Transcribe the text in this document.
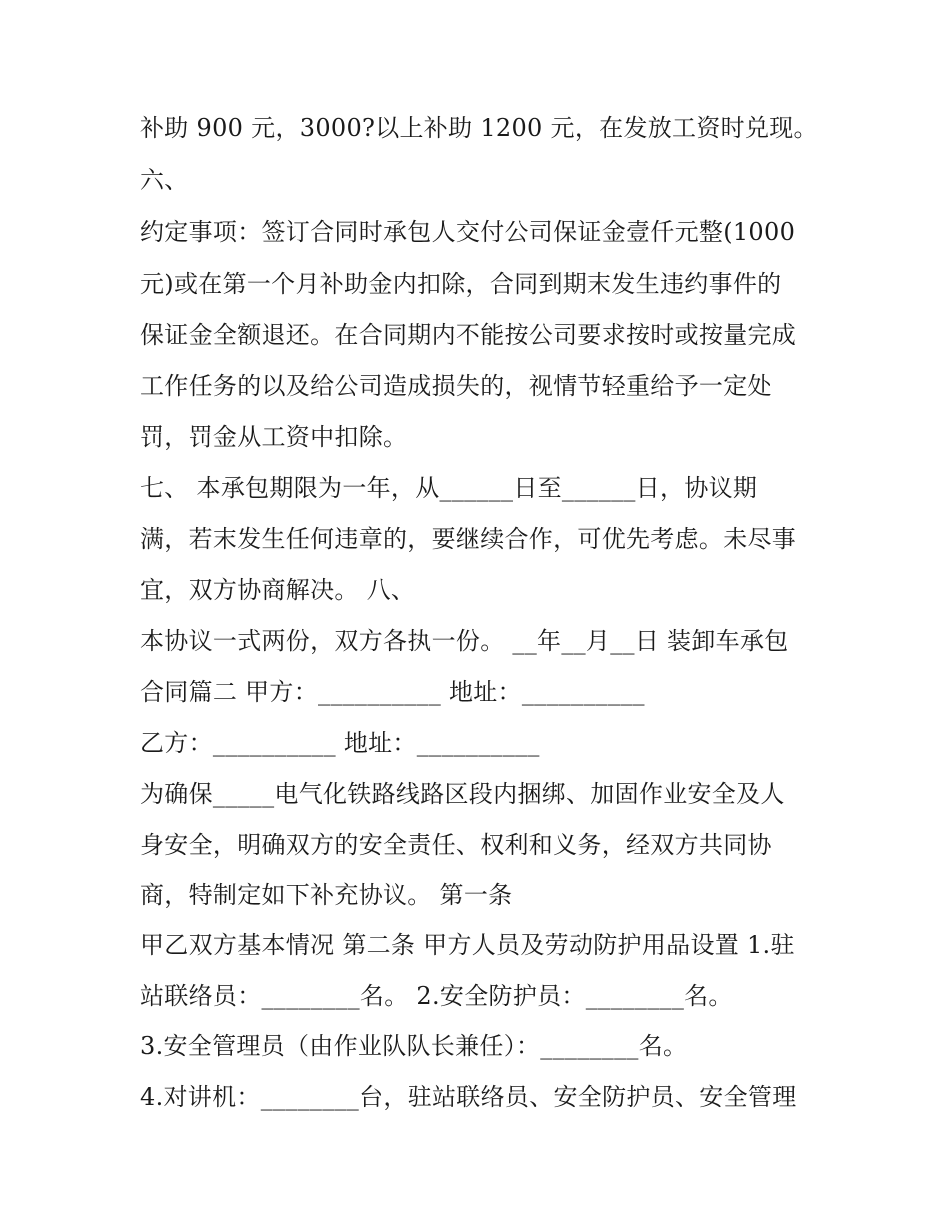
补助 900 元，3000?以上补助 1200 元，在发放工资时兑现。
六、
约定事项：签订合同时承包人交付公司保证金壹仟元整(1000
元)或在第一个月补助金内扣除，合同到期末发生违约事件的
保证金全额退还。在合同期内不能按公司要求按时或按量完成
工作任务的以及给公司造成损失的，视情节轻重给予一定处
罚，罚金从工资中扣除。
七、 本承包期限为一年，从______日至______日，协议期
满，若末发生任何违章的，要继续合作，可优先考虑。未尽事
宜，双方协商解决。 八、
本协议一式两份，双方各执一份。 __年__月__日 装卸车承包
合同篇二 甲方：__________ 地址：__________
乙方：__________ 地址：__________
为确保_____电气化铁路线路区段内捆绑、加固作业安全及人
身安全，明确双方的安全责任、权利和义务，经双方共同协
商，特制定如下补充协议。 第一条
甲乙双方基本情况 第二条 甲方人员及劳动防护用品设置 1.驻
站联络员：________名。 2.安全防护员：________名。
3.安全管理员（由作业队队长兼任）：________名。
4.对讲机：________台，驻站联络员、安全防护员、安全管理
